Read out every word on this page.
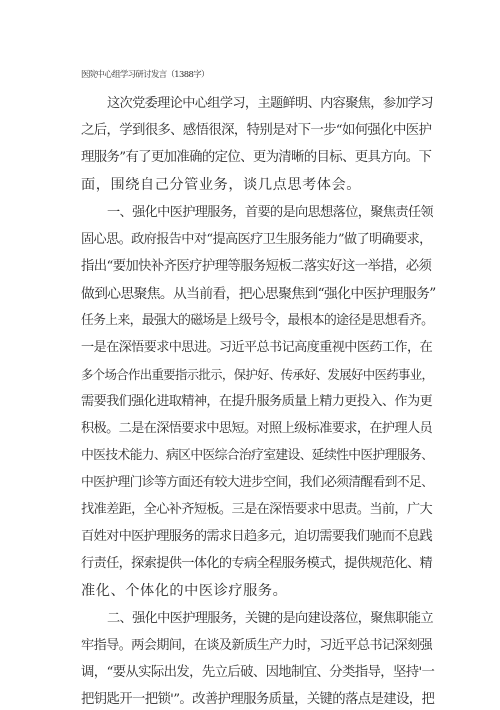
医院中心组学习研讨发言（1388字）
这次党委理论中心组学习，主题鲜明、内容聚焦，参加学习
之后，学到很多、感悟很深，特别是对下一步“如何强化中医护
理服务”有了更加准确的定位、更为清晰的目标、更具方向。下
面，围绕自己分管业务，谈几点思考体会。
一、强化中医护理服务，首要的是向思想落位，聚焦责任领
固心思。政府报告中对“提高医疗卫生服务能力”做了明确要求，
指出“要加快补齐医疗护理等服务短板二落实好这一举措，必须
做到心思聚焦。从当前看，把心思聚焦到“强化中医护理服务”
任务上来，最强大的磁场是上级号令，最根本的途径是思想看齐。
一是在深悟要求中思进。习近平总书记高度重视中医药工作，在
多个场合作出重要指示批示，保护好、传承好、发展好中医药事业，
需要我们强化进取精神，在提升服务质量上精力更投入、作为更
积极。二是在深悟要求中思短。对照上级标准要求，在护理人员
中医技术能力、病区中医综合治疗室建设、延续性中医护理服务、
中医护理门诊等方面还有较大进步空间，我们必须清醒看到不足、
找准差距，全心补齐短板。三是在深悟要求中思责。当前，广大
百姓对中医护理服务的需求日趋多元，迫切需要我们驰而不息践
行责任，探索提供一体化的专病全程服务模式，提供规范化、精
准化、个体化的中医诊疗服务。
二、强化中医护理服务，关键的是向建设落位，聚焦职能立
牢指导。两会期间，在谈及新质生产力时，习近平总书记深刻强
调，“要从实际出发，先立后破、因地制宜、分类指导，坚持'一
把钥匙开一把锁'”。改善护理服务质量，关键的落点是建设，把
